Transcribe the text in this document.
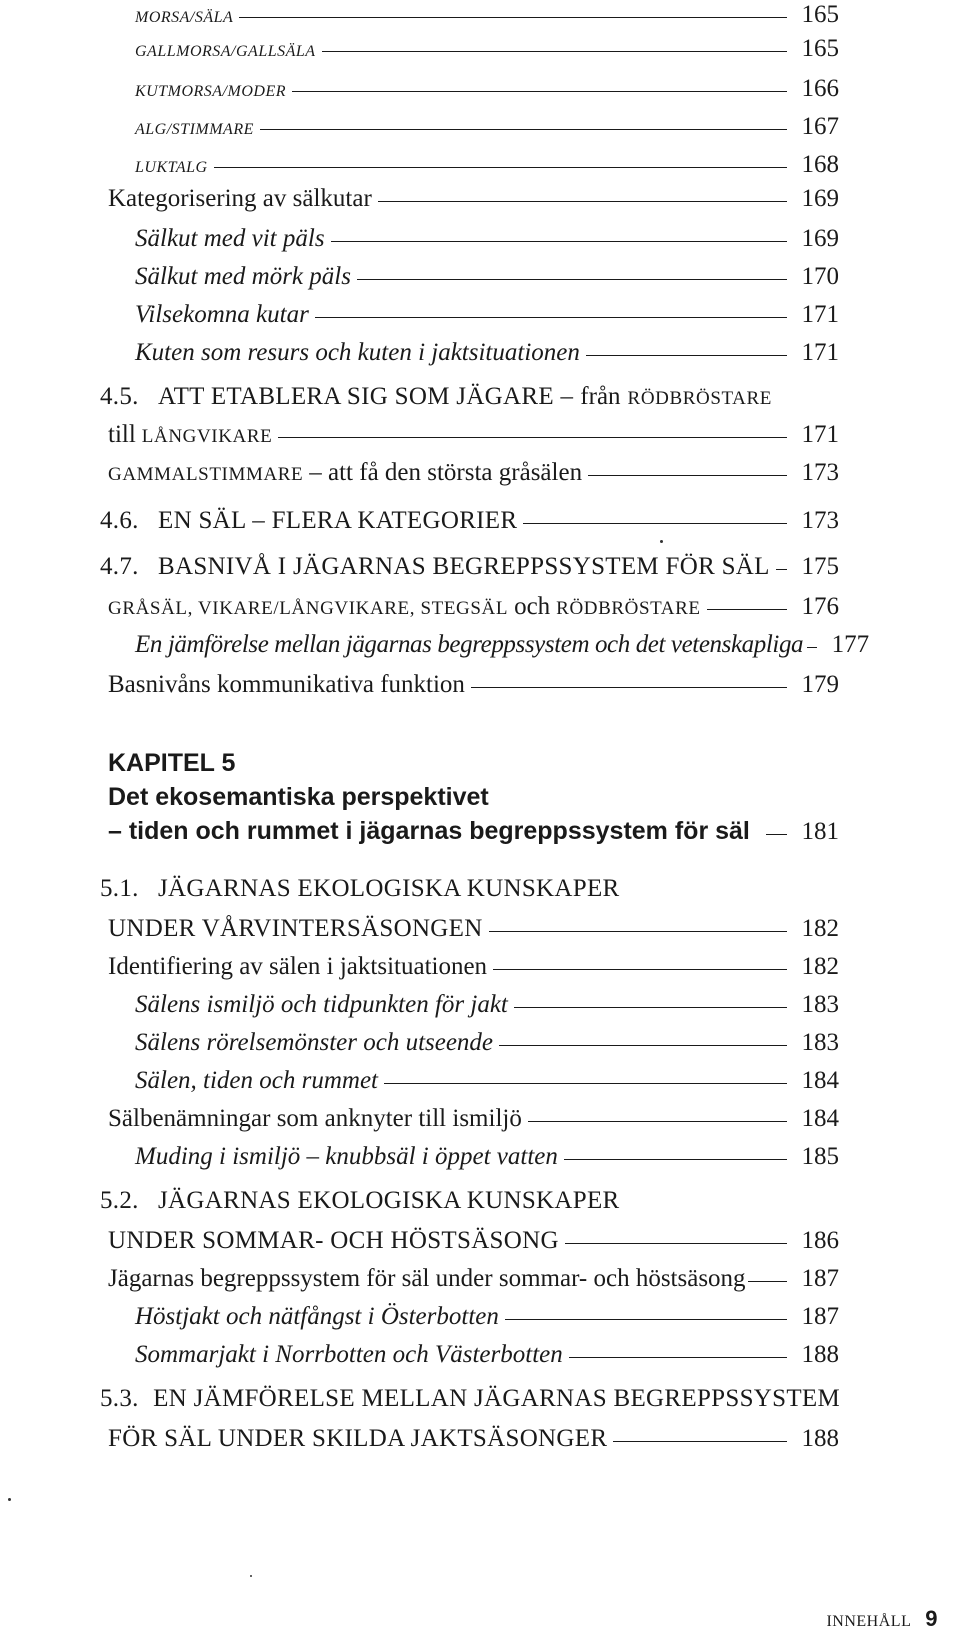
MORSA/SÄLA	165
GALLMORSA/GALLSÄLA	165
KUTMORSA/MODER	166
ALG/STIMMARE	167
LUKTALG	168
Kategorisering av sälkutar	169
Sälkut med vit päls	169
Sälkut med mörk päls	170
Vilsekomna kutar	171
Kuten som resurs och kuten i jaktsituationen	171
4.5. ATT ETABLERA SIG SOM JÄGARE – från RÖDBRÖSTARE
till LÅNGVIKARE	171
GAMMALSTIMMARE – att få den största gråsälen	173
4.6. EN SÄL – FLERA KATEGORIER	173
4.7. BASNIVÅ I JÄGARNAS BEGREPPSSYSTEM FÖR SÄL 175
GRÅSÄL, VIKARE/LÅNGVIKARE, STEGSÄL och RÖDBRÖSTARE	176
En jämförelse mellan jägarnas begreppssystem och det vetenskapliga 177
Basnivåns kommunikativa funktion	179
KAPITEL 5
Det ekosemantiska perspektivet
– tiden och rummet i jägarnas begreppssystem för säl 181
5.1. JÄGARNAS EKOLOGISKA KUNSKAPER
UNDER VÅRVINTERSÄSONGEN	182
Identifiering av sälen i jaktsituationen	182
Sälens ismiljö och tidpunkten för jakt	183
Sälens rörelsemönster och utseende	183
Sälen, tiden och rummet	184
Sälbenämningar som anknyter till ismiljö	184
Muding i ismiljö – knubbsäl i öppet vatten	185
5.2. JÄGARNAS EKOLOGISKA KUNSKAPER
UNDER SOMMAR- OCH HÖSTSÄSONG	186
Jägarnas begreppssystem för säl under sommar- och höstsäsong 187
Höstjakt och nätfångst i Österbotten	187
Sommarjakt i Norrbotten och Västerbotten	188
5.3. EN JÄMFÖRELSE MELLAN JÄGARNAS BEGREPPSSYSTEM
FÖR SÄL UNDER SKILDA JAKTSÄSONGER	188
INNEHÅLL 9
